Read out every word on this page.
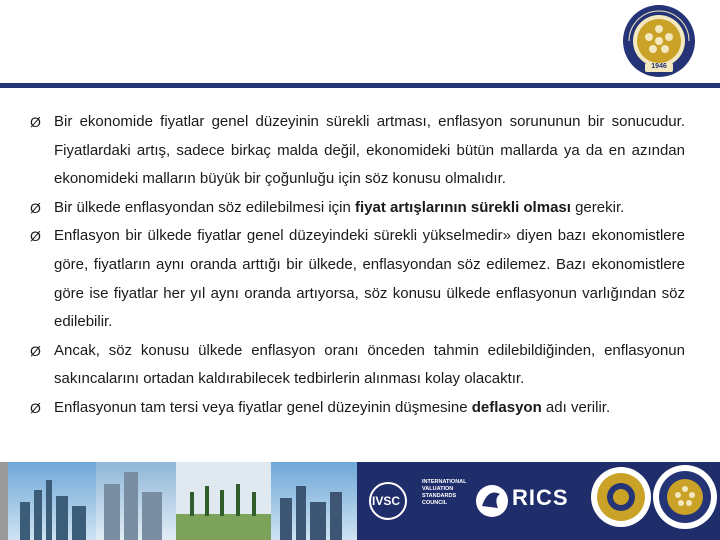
1946
Ø Bir ekonomide fiyatlar genel düzeyinin sürekli artması, enflasyon sorununun bir sonucudur. Fiyatlardaki artış, sadece birkaç malda değil, ekonomideki bütün mallarda ya da en azından ekonomideki malların büyük bir çoğunluğu için söz konusu olmalıdır.
Ø Bir ülkede enflasyondan söz edilebilmesi için fiyat artışlarının sürekli olması gerekir.
Ø Enflasyon bir ülkede fiyatlar genel düzeyindeki sürekli yükselmedir» diyen bazı ekonomistlere göre, fiyatların aynı oranda arttığı bir ülkede, enflasyondan söz edilemez. Bazı ekonomistlere göre ise fiyatlar her yıl aynı oranda artıyorsa, söz konusu ülkede enflasyonun varlığından söz edilebilir.
Ø Ancak, söz konusu ülkede enflasyon oranı önceden tahmin edilebildiğinden, enflasyonun sakıncalarını ortadan kaldırabilecek tedbirlerin alınması kolay olacaktır.
Ø Enflasyonun tam tersi veya fiyatlar genel düzeyinin düşmesine deflasyon adı verilir.
IVSC
INTERNATIONAL VALUATION STANDARDS COUNCIL	RICS
